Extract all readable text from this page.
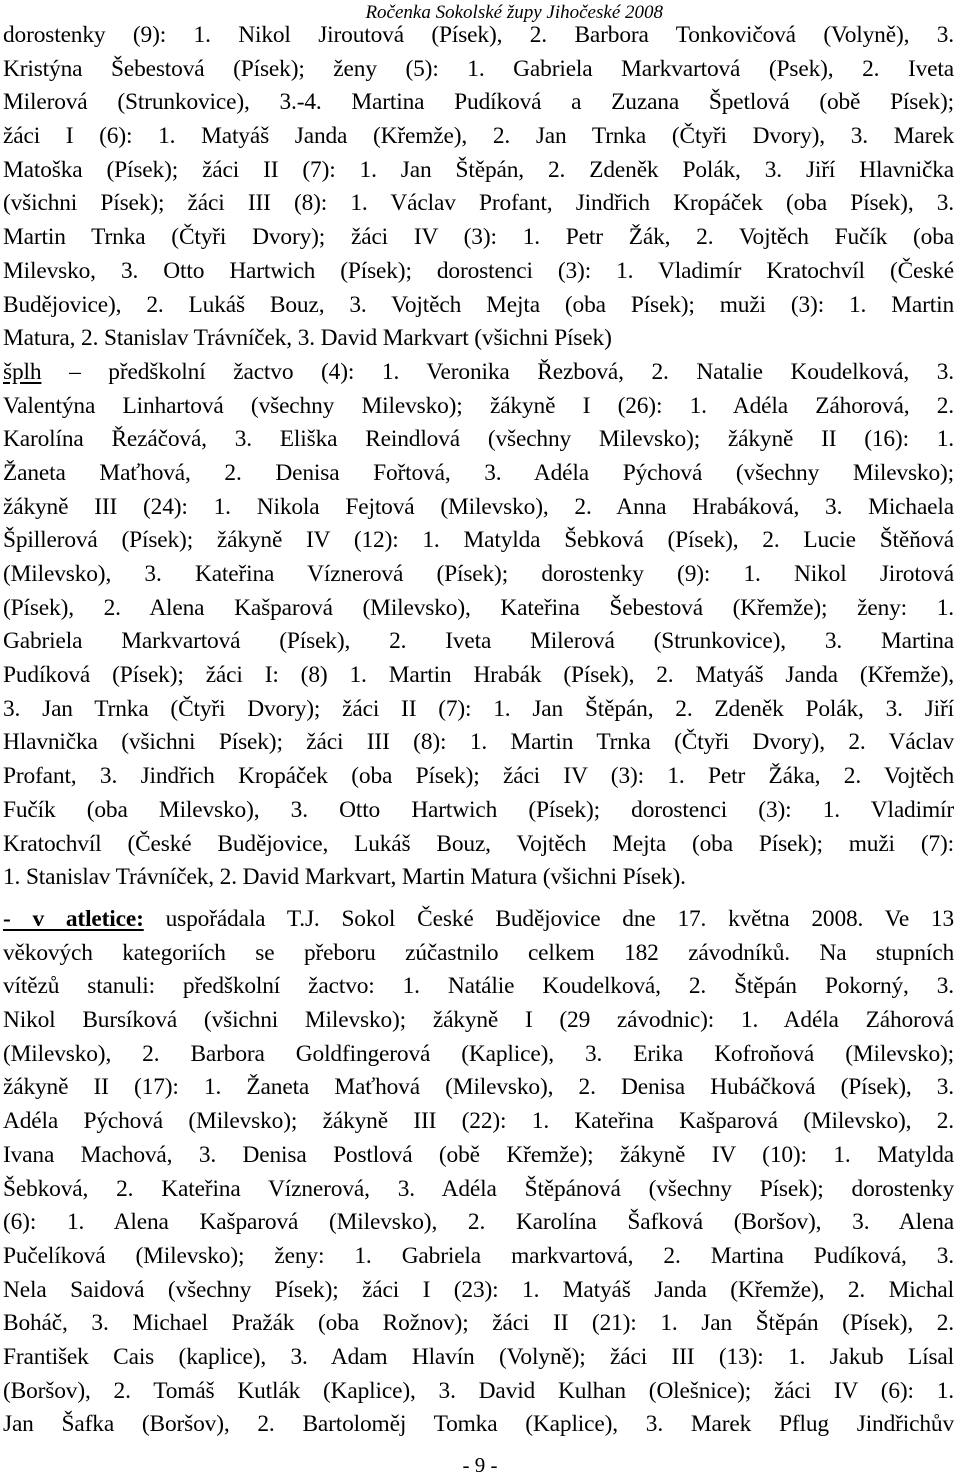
Ročenka Sokolské župy Jihočeské 2008
dorostenky (9): 1. Nikol Jiroutová (Písek), 2. Barbora Tonkovičová (Volyně), 3.
Kristýna Šebestová (Písek); ženy (5): 1. Gabriela Markvartová (Psek), 2. Iveta
Milerová (Strunkovice), 3.-4. Martina Pudíková a Zuzana Špetlová (obě Písek);
žáci I (6): 1. Matyáš Janda (Křemže), 2. Jan Trnka (Čtyři Dvory), 3. Marek
Matoška (Písek); žáci II (7): 1. Jan Štěpán, 2. Zdeněk Polák, 3. Jiří Hlavnička
(všichni Písek); žáci III (8): 1. Václav Profant, Jindřich Kropáček (oba Písek), 3.
Martin Trnka (Čtyři Dvory); žáci IV (3): 1. Petr Žák, 2. Vojtěch Fučík (oba
Milevsko, 3. Otto Hartwich (Písek); dorostenci (3): 1. Vladimír Kratochvíl (České
Budějovice), 2. Lukáš Bouz, 3. Vojtěch Mejta (oba Písek); muži (3): 1. Martin
Matura, 2. Stanislav Trávníček, 3. David Markvart (všichni Písek)
šplh – předškolní žactvo (4): 1. Veronika Řezbová, 2. Natalie Koudelková, 3.
Valentýna Linhartová (všechny Milevsko); žákyně I (26): 1. Adéla Záhorová, 2.
Karolína Řezáčová, 3. Eliška Reindlová (všechny Milevsko); žákyně II (16): 1.
Žaneta Maťhová, 2. Denisa Fořtová, 3. Adéla Pýchová (všechny Milevsko);
žákyně III (24): 1. Nikola Fejtová (Milevsko), 2. Anna Hrabáková, 3. Michaela
Špillerová (Písek); žákyně IV (12): 1. Matylda Šebková (Písek), 2. Lucie Štěňová
(Milevsko), 3. Kateřina Víznerová (Písek); dorostenky (9): 1. Nikol Jirotová
(Písek), 2. Alena Kašparová (Milevsko), Kateřina Šebestová (Křemže); ženy: 1.
Gabriela Markvartová (Písek), 2. Iveta Milerová (Strunkovice), 3. Martina
Pudíková (Písek); žáci I: (8) 1. Martin Hrabák (Písek), 2. Matyáš Janda (Křemže),
3. Jan Trnka (Čtyři Dvory); žáci II (7): 1. Jan Štěpán, 2. Zdeněk Polák, 3. Jiří
Hlavnička (všichni Písek); žáci III (8): 1. Martin Trnka (Čtyři Dvory), 2. Václav
Profant, 3. Jindřich Kropáček (oba Písek); žáci IV (3): 1. Petr Žáka, 2. Vojtěch
Fučík (oba Milevsko), 3. Otto Hartwich (Písek); dorostenci (3): 1. Vladimír
Kratochvíl (České Budějovice, Lukáš Bouz, Vojtěch Mejta (oba Písek); muži (7):
1. Stanislav Trávníček, 2. David Markvart, Martin Matura (všichni Písek).
- v atletice: uspořádala T.J. Sokol České Budějovice dne 17. května 2008. Ve 13
věkových kategoriích se přeboru zúčastnilo celkem 182 závodníků. Na stupních
vítězů stanuli: předškolní žactvo: 1. Natálie Koudelková, 2. Štěpán Pokorný, 3.
Nikol Bursíková (všichni Milevsko); žákyně I (29 závodnic): 1. Adéla Záhorová
(Milevsko), 2. Barbora Goldfingerová (Kaplice), 3. Erika Kofroňová (Milevsko);
žákyně II (17): 1. Žaneta Maťhová (Milevsko), 2. Denisa Hubáčková (Písek), 3.
Adéla Pýchová (Milevsko); žákyně III (22): 1. Kateřina Kašparová (Milevsko), 2.
Ivana Machová, 3. Denisa Postlová (obě Křemže); žákyně IV (10): 1. Matylda
Šebková, 2. Kateřina Víznerová, 3. Adéla Štěpánová (všechny Písek); dorostenky
(6): 1. Alena Kašparová (Milevsko), 2. Karolína Šafková (Boršov), 3. Alena
Pučelíková (Milevsko); ženy: 1. Gabriela markvartová, 2. Martina Pudíková, 3.
Nela Saidová (všechny Písek); žáci I (23): 1. Matyáš Janda (Křemže), 2. Michal
Boháč, 3. Michael Pražák (oba Rožnov); žáci II (21): 1. Jan Štěpán (Písek), 2.
František Cais (kaplice), 3. Adam Hlavín (Volyně); žáci III (13): 1. Jakub Lísal
(Boršov), 2. Tomáš Kutlák (Kaplice), 3. David Kulhan (Olešnice); žáci IV (6): 1.
Jan Šafka (Boršov), 2. Bartoloměj Tomka (Kaplice), 3. Marek Pflug Jindřichův
- 9 -
